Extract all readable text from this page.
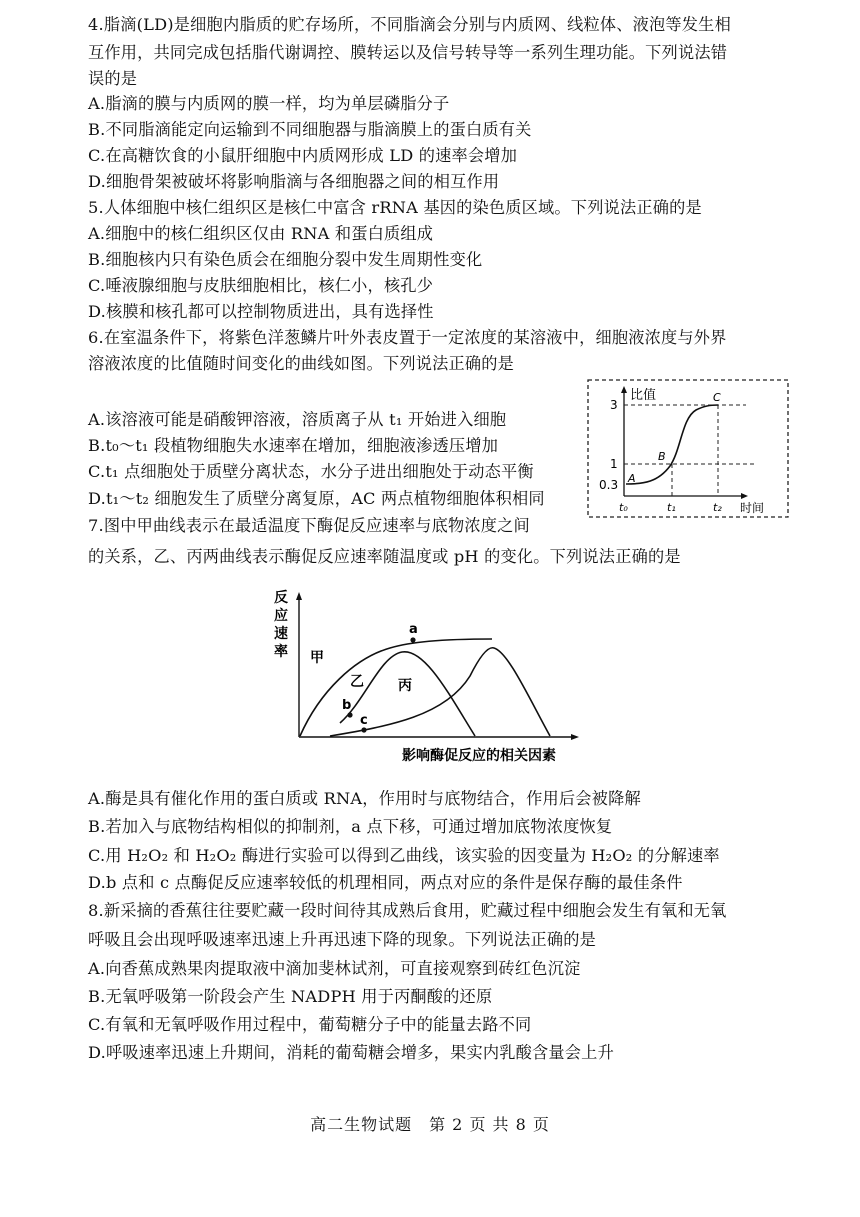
4.脂滴(LD)是细胞内脂质的贮存场所，不同脂滴会分别与内质网、线粒体、液泡等发生相
互作用，共同完成包括脂代谢调控、膜转运以及信号转导等一系列生理功能。下列说法错
误的是
A.脂滴的膜与内质网的膜一样，均为单层磷脂分子
B.不同脂滴能定向运输到不同细胞器与脂滴膜上的蛋白质有关
C.在高糖饮食的小鼠肝细胞中内质网形成 LD 的速率会增加
D.细胞骨架被破坏将影响脂滴与各细胞器之间的相互作用
5.人体细胞中核仁组织区是核仁中富含 rRNA 基因的染色质区域。下列说法正确的是
A.细胞中的核仁组织区仅由 RNA 和蛋白质组成
B.细胞核内只有染色质会在细胞分裂中发生周期性变化
C.唾液腺细胞与皮肤细胞相比，核仁小，核孔少
D.核膜和核孔都可以控制物质进出，具有选择性
6.在室温条件下，将紫色洋葱鳞片叶外表皮置于一定浓度的某溶液中，细胞液浓度与外界
溶液浓度的比值随时间变化的曲线如图。下列说法正确的是
A.该溶液可能是硝酸钾溶液，溶质离子从 t₁ 开始进入细胞
B.t₀～t₁ 段植物细胞失水速率在增加，细胞液渗透压增加
C.t₁ 点细胞处于质壁分离状态，水分子进出细胞处于动态平衡
D.t₁～t₂ 细胞发生了质壁分离复原，AC 两点植物细胞体积相同
7.图中甲曲线表示在最适温度下酶促反应速率与底物浓度之间
的关系，乙、丙两曲线表示酶促反应速率随温度或 pH 的变化。下列说法正确的是
A.酶是具有催化作用的蛋白质或 RNA，作用时与底物结合，作用后会被降解
B.若加入与底物结构相似的抑制剂，a 点下移，可通过增加底物浓度恢复
C.用 H₂O₂ 和 H₂O₂ 酶进行实验可以得到乙曲线，该实验的因变量为 H₂O₂ 的分解速率
D.b 点和 c 点酶促反应速率较低的机理相同，两点对应的条件是保存酶的最佳条件
8.新采摘的香蕉往往要贮藏一段时间待其成熟后食用，贮藏过程中细胞会发生有氧和无氧
呼吸且会出现呼吸速率迅速上升再迅速下降的现象。下列说法正确的是
A.向香蕉成熟果肉提取液中滴加斐林试剂，可直接观察到砖红色沉淀
B.无氧呼吸第一阶段会产生 NADPH 用于丙酮酸的还原
C.有氧和无氧呼吸作用过程中，葡萄糖分子中的能量去路不同
D.呼吸速率迅速上升期间，消耗的葡萄糖会增多，果实内乳酸含量会上升
比值
3
1
0.3 A
B
C
t₀	t₁	t₂ 时间
反
应
速
率
a
b
c
甲
乙 丙
影响酶促反应的相关因素
高二生物试题　第 2 页 共 8 页
